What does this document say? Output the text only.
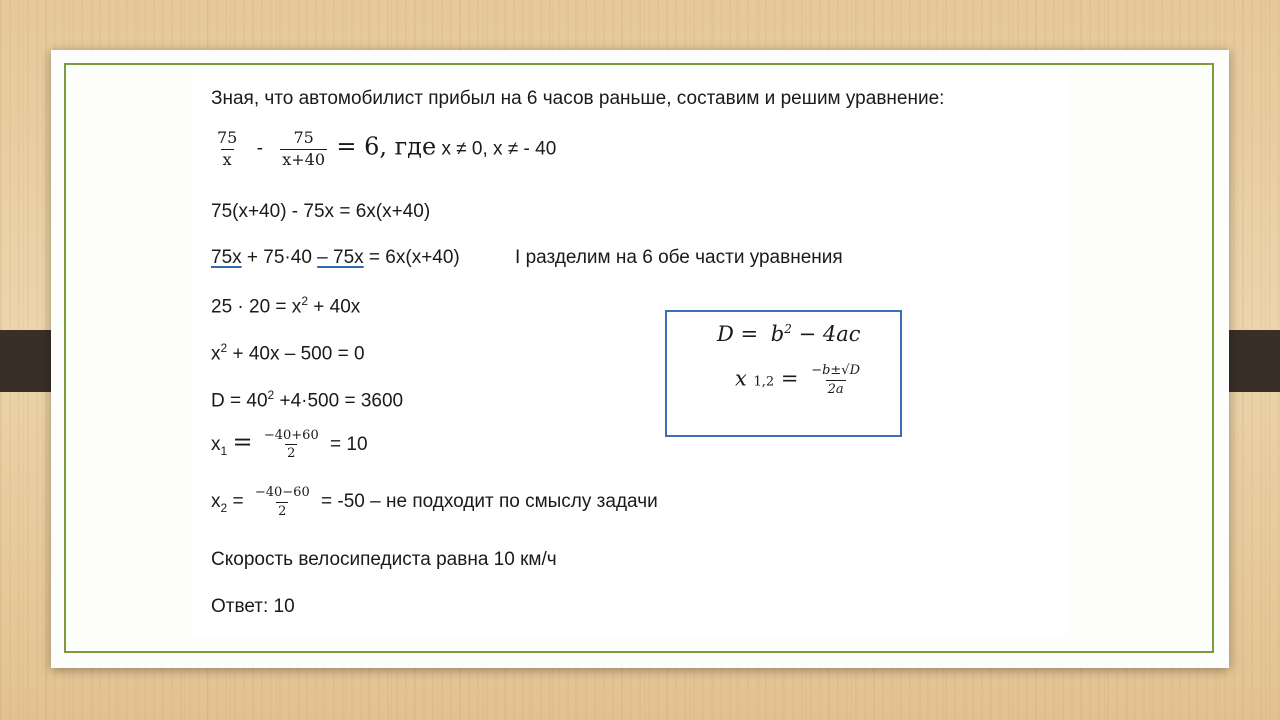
Зная, что автомобилист прибыл на 6 часов раньше, составим и решим уравнение:
$\frac{75}{x} - \frac{75}{x+40} = 6$, где x ≠ 0, x ≠ - 40
75(x+40) - 75x = 6x(x+40)
75x + 75·40 – 75x = 6x(x+40)	I разделим на 6 обе части уравнения
$25 \cdot 20 = x^2 + 40x$
$x^2 + 40x - 500 = 0$
$D = 40^2 +4\cdot 500 = 3600$
$x_1 = \frac{-40+60}{2} = 10$
$x_2 = \frac{-40-60}{2} = -50$ – не подходит по смыслу задачи
Скорость велосипедиста равна 10 км/ч
Ответ: 10
$D = b^2 - 4ac$
x $1,2 = \frac{-b\pm√D}{2a}$
